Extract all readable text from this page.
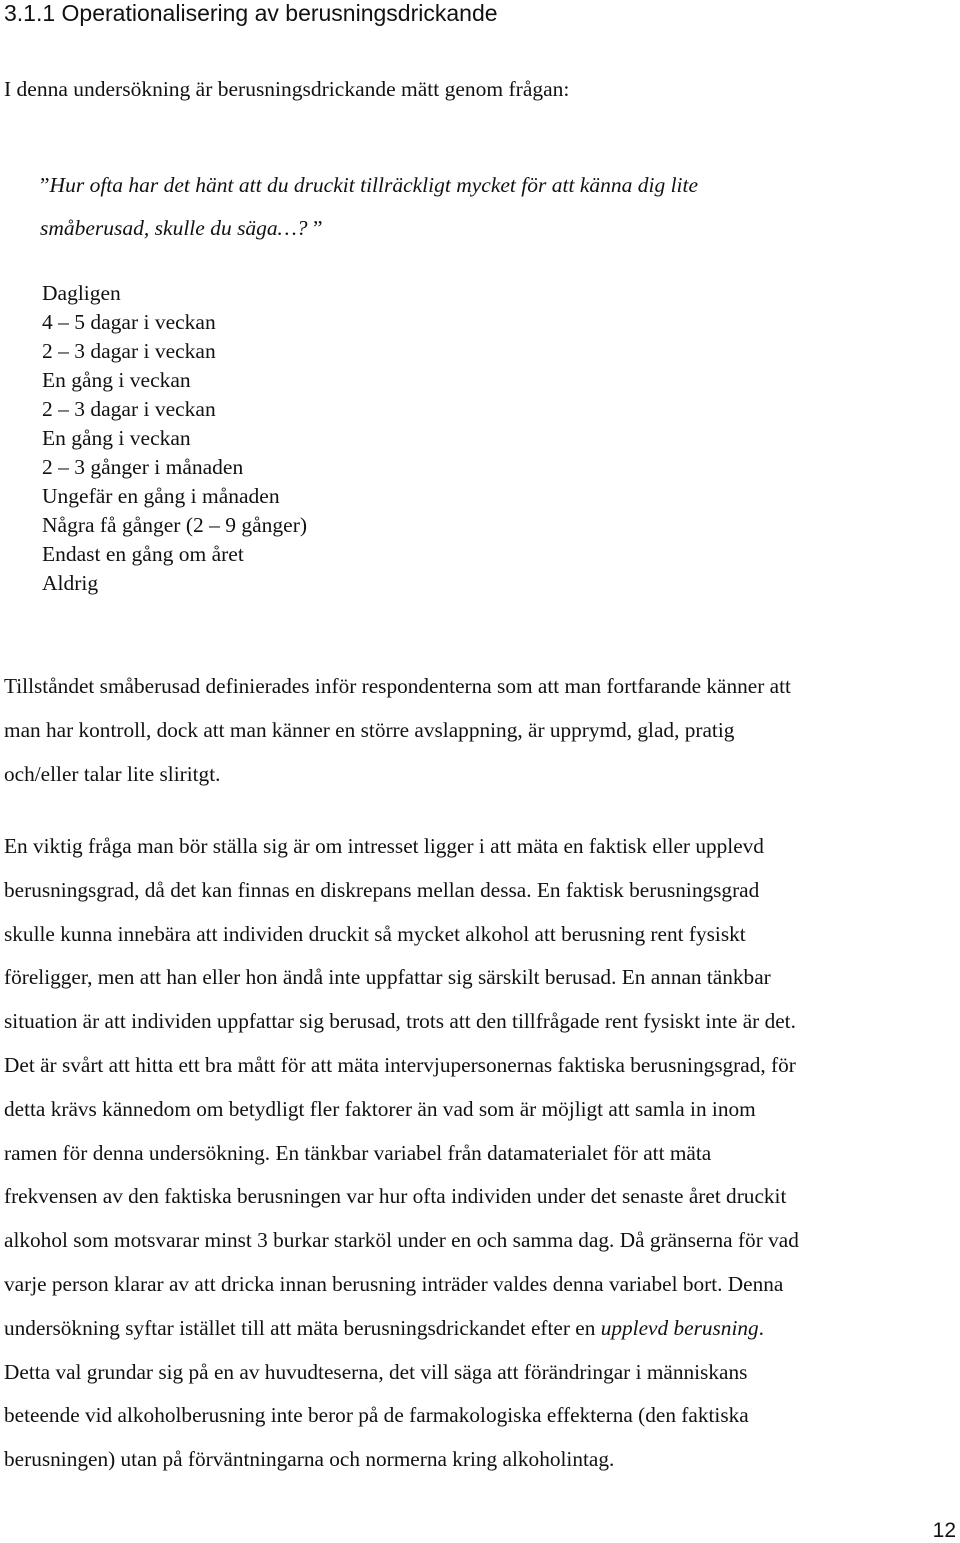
3.1.1 Operationalisering av berusningsdrickande

I denna undersökning är berusningsdrickande mätt genom frågan:

”Hur ofta har det hänt att du druckit tillräckligt mycket för att känna dig lite
småberusad, skulle du säga…? ”

Dagligen
4 – 5 dagar i veckan
2 – 3 dagar i veckan
En gång i veckan
2 – 3 dagar i veckan
En gång i veckan
2 – 3 gånger i månaden
Ungefär en gång i månaden
Några få gånger (2 – 9 gånger)
Endast en gång om året
Aldrig

Tillståndet småberusad definierades inför respondenterna som att man fortfarande känner att
man har kontroll, dock att man känner en större avslappning, är upprymd, glad, pratig
och/eller talar lite sliritgt.

En viktig fråga man bör ställa sig är om intresset ligger i att mäta en faktisk eller upplevd
berusningsgrad, då det kan finnas en diskrepans mellan dessa. En faktisk berusningsgrad
skulle kunna innebära att individen druckit så mycket alkohol att berusning rent fysiskt
föreligger, men att han eller hon ändå inte uppfattar sig särskilt berusad. En annan tänkbar
situation är att individen uppfattar sig berusad, trots att den tillfrågade rent fysiskt inte är det.
Det är svårt att hitta ett bra mått för att mäta intervjupersonernas faktiska berusningsgrad, för
detta krävs kännedom om betydligt fler faktorer än vad som är möjligt att samla in inom
ramen för denna undersökning. En tänkbar variabel från datamaterialet för att mäta
frekvensen av den faktiska berusningen var hur ofta individen under det senaste året druckit
alkohol som motsvarar minst 3 burkar starköl under en och samma dag. Då gränserna för vad
varje person klarar av att dricka innan berusning inträder valdes denna variabel bort. Denna
undersökning syftar istället till att mäta berusningsdrickandet efter en upplevd berusning.
Detta val grundar sig på en av huvudteserna, det vill säga att förändringar i människans
beteende vid alkoholberusning inte beror på de farmakologiska effekterna (den faktiska
berusningen) utan på förväntningarna och normerna kring alkoholintag.

12
